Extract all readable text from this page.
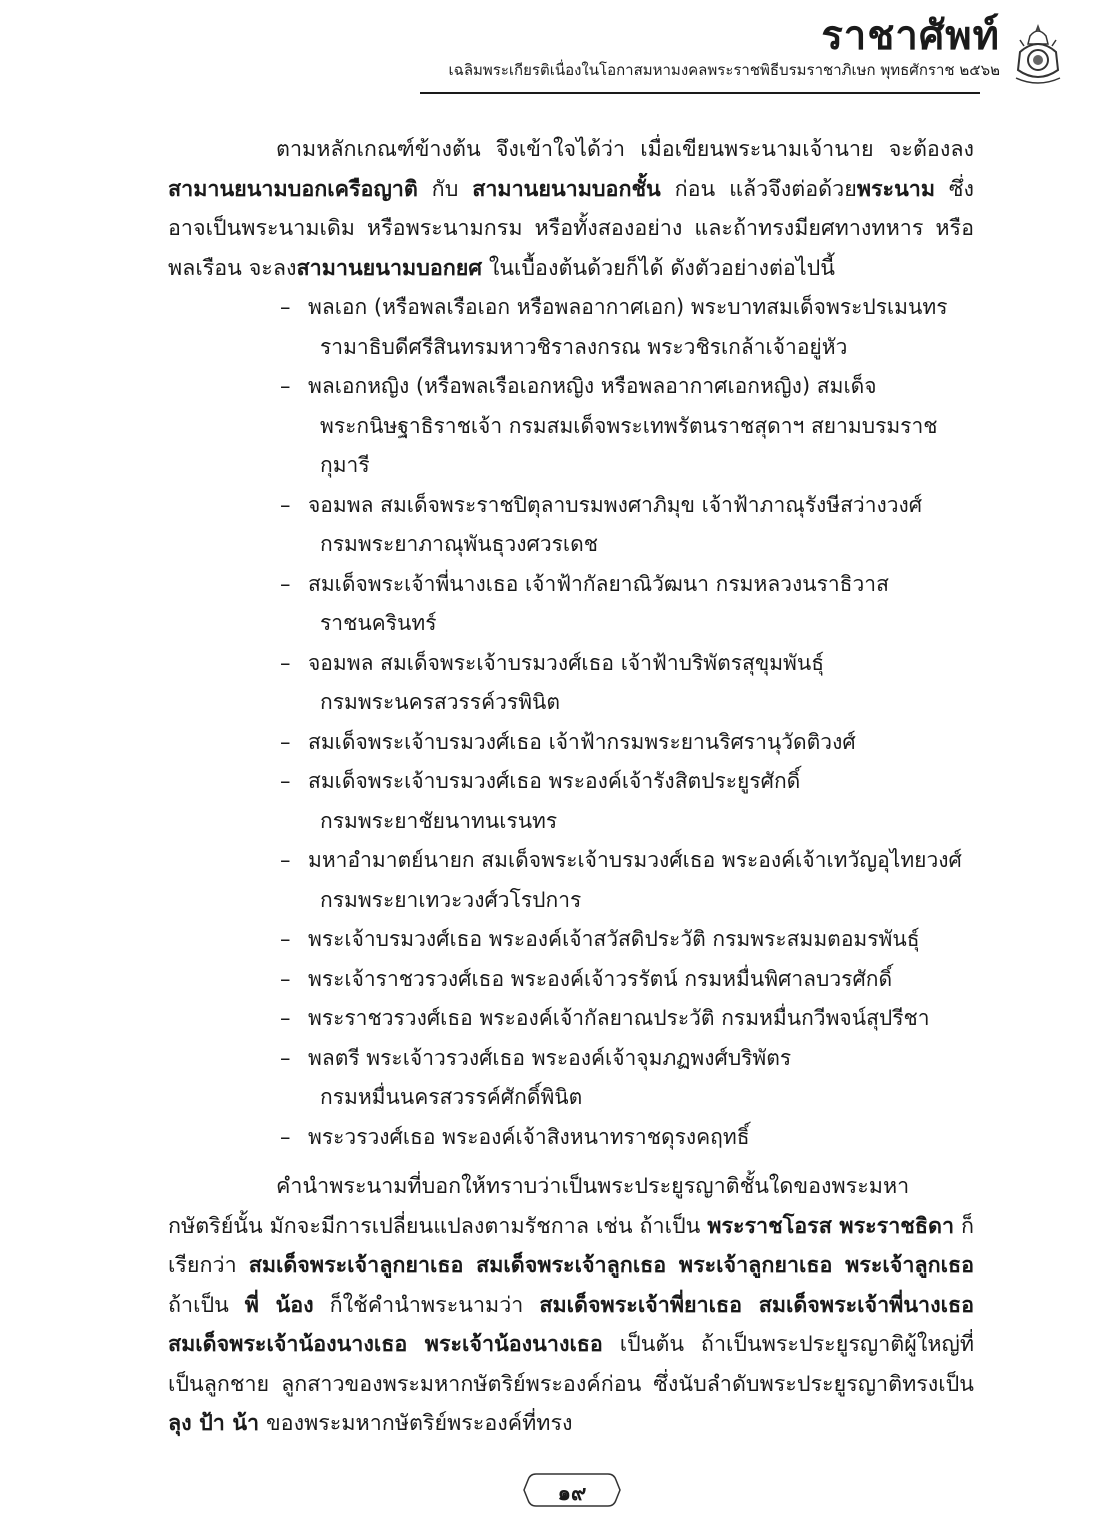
ราชาศัพท์
เฉลิมพระเกียรติเนื่องในโอกาสมหามงคลพระราชพิธีบรมราชาภิเษก พุทธศักราช ๒๕๖๒

ตามหลักเกณฑ์ข้างต้น จึงเข้าใจได้ว่า เมื่อเขียนพระนามเจ้านาย จะต้องลง สามานยนามบอกเครือญาติ กับ สามานยนามบอกชั้น ก่อน แล้วจึงต่อด้วยพระนาม ซึ่งอาจเป็นพระนามเดิม หรือพระนามกรม หรือทั้งสองอย่าง และถ้าทรงมียศทางทหาร หรือพลเรือน จะลงสามานยนามบอกยศ ในเบื้องต้นด้วยก็ได้ ดังตัวอย่างต่อไปนี้

– พลเอก (หรือพลเรือเอก หรือพลอากาศเอก) พระบาทสมเด็จพระปรเมนทร
รามาธิบดีศรีสินทรมหาวชิราลงกรณ พระวชิรเกล้าเจ้าอยู่หัว
– พลเอกหญิง (หรือพลเรือเอกหญิง หรือพลอากาศเอกหญิง) สมเด็จ
พระกนิษฐาธิราชเจ้า กรมสมเด็จพระเทพรัตนราชสุดาฯ สยามบรมราชกุมารี
– จอมพล สมเด็จพระราชปิตุลาบรมพงศาภิมุข เจ้าฟ้าภาณุรังษีสว่างวงศ์
กรมพระยาภาณุพันธุวงศวรเดช
– สมเด็จพระเจ้าพี่นางเธอ เจ้าฟ้ากัลยาณิวัฒนา กรมหลวงนราธิวาส
ราชนครินทร์
– จอมพล สมเด็จพระเจ้าบรมวงศ์เธอ เจ้าฟ้าบริพัตรสุขุมพันธุ์
กรมพระนครสวรรค์วรพินิต
– สมเด็จพระเจ้าบรมวงศ์เธอ เจ้าฟ้ากรมพระยานริศรานุวัดติวงศ์
– สมเด็จพระเจ้าบรมวงศ์เธอ พระองค์เจ้ารังสิตประยูรศักดิ์
กรมพระยาชัยนาทนเรนทร
– มหาอำมาตย์นายก สมเด็จพระเจ้าบรมวงศ์เธอ พระองค์เจ้าเทวัญอุไทยวงศ์
กรมพระยาเทวะวงศ์วโรปการ
– พระเจ้าบรมวงศ์เธอ พระองค์เจ้าสวัสดิประวัติ กรมพระสมมตอมรพันธุ์
– พระเจ้าราชวรวงศ์เธอ พระองค์เจ้าวรรัตน์ กรมหมื่นพิศาลบวรศักดิ์
– พระราชวรวงศ์เธอ พระองค์เจ้ากัลยาณประวัติ กรมหมื่นกวีพจน์สุปรีชา
– พลตรี พระเจ้าวรวงศ์เธอ พระองค์เจ้าจุมภฏพงศ์บริพัตร
กรมหมื่นนครสวรรค์ศักดิ์พินิต
– พระวรวงศ์เธอ พระองค์เจ้าสิงหนาทราชดุรงคฤทธิ์

คำนำพระนามที่บอกให้ทราบว่าเป็นพระประยูรญาติชั้นใดของพระมหากษัตริย์นั้น มักจะมีการเปลี่ยนแปลงตามรัชกาล เช่น ถ้าเป็น พระราชโอรส พระราชธิดา ก็เรียกว่า สมเด็จพระเจ้าลูกยาเธอ สมเด็จพระเจ้าลูกเธอ พระเจ้าลูกยาเธอ พระเจ้าลูกเธอ ถ้าเป็น พี่ น้อง ก็ใช้คำนำพระนามว่า สมเด็จพระเจ้าพี่ยาเธอ สมเด็จพระเจ้าพี่นางเธอ สมเด็จพระเจ้าน้องนางเธอ พระเจ้าน้องนางเธอ เป็นต้น ถ้าเป็นพระประยูรญาติผู้ใหญ่ที่เป็นลูกชาย ลูกสาวของพระมหากษัตริย์พระองค์ก่อน ซึ่งนับลำดับพระประยูรญาติทรงเป็น ลุง ป้า น้า ของพระมหากษัตริย์พระองค์ที่ทรง

๑๙
